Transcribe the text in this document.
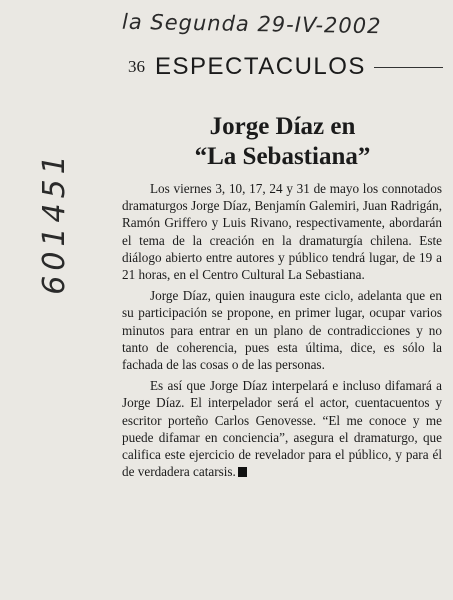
la Segunda 29-IV-2002
601451
36 ESPECTACULOS
Jorge Díaz en
“La Sebastiana”

Los viernes 3, 10, 17, 24 y 31 de mayo los connotados dramaturgos Jorge Díaz, Benjamín Galemiri, Juan Radrigán, Ramón Griffero y Luis Rivano, respectivamente, abordarán el tema de la creación en la dramaturgía chilena. Este diálogo abierto entre autores y público tendrá lugar, de 19 a 21 horas, en el Centro Cultural La Sebastiana.

Jorge Díaz, quien inaugura este ciclo, adelanta que en su participación se propone, en primer lugar, ocupar varios minutos para entrar en un plano de contradicciones y no tanto de coherencia, pues esta última, dice, es sólo la fachada de las cosas o de las personas.

Es así que Jorge Díaz interpelará e incluso difamará a Jorge Díaz. El interpelador será el actor, cuentacuentos y escritor porteño Carlos Genovesse. “El me conoce y me puede difamar en conciencia”, asegura el dramaturgo, que califica este ejercicio de revelador para el público, y para él de verdadera catarsis.
